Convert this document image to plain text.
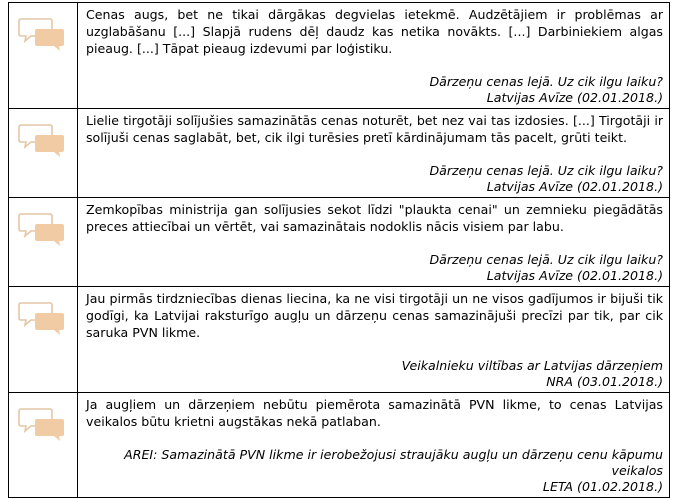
Cenas augs, bet ne tikai dārgākas degvielas ietekmē. Audzētājiem ir problēmas ar uzglabāšanu [...] Slapjā rudens dēļ daudz kas netika novākts. [...] Darbiniekiem algas pieaug. [...] Tāpat pieaug izdevumi par loģistiku.

Dārzeņu cenas lejā. Uz cik ilgu laiku?
Latvijas Avīze (02.01.2018.)

Lielie tirgotāji solījušies samazinātās cenas noturēt, bet nez vai tas izdosies. [...] Tirgotāji ir solījuši cenas saglabāt, bet, cik ilgi turēsies pretī kārdinājumam tās pacelt, grūti teikt.

Dārzeņu cenas lejā. Uz cik ilgu laiku?
Latvijas Avīze (02.01.2018.)

Zemkopības ministrija gan solījusies sekot līdzi "plaukta cenai" un zemnieku piegādātās preces attiecībai un vērtēt, vai samazinātais nodoklis nācis visiem par labu.

Dārzeņu cenas lejā. Uz cik ilgu laiku?
Latvijas Avīze (02.01.2018.)

Jau pirmās tirdzniecības dienas liecina, ka ne visi tirgotāji un ne visos gadījumos ir bijuši tik godīgi, ka Latvijai raksturīgo augļu un dārzeņu cenas samazinājuši precīzi par tik, par cik saruka PVN likme.

Veikalnieku viltības ar Latvijas dārzeņiem
NRA (03.01.2018.)

Ja augļiem un dārzeņiem nebūtu piemērota samazinātā PVN likme, to cenas Latvijas veikalos būtu krietni augstākas nekā patlaban.

AREI: Samazinātā PVN likme ir ierobežojusi straujāku augļu un dārzeņu cenu kāpumu veikalos
LETA (01.02.2018.)
